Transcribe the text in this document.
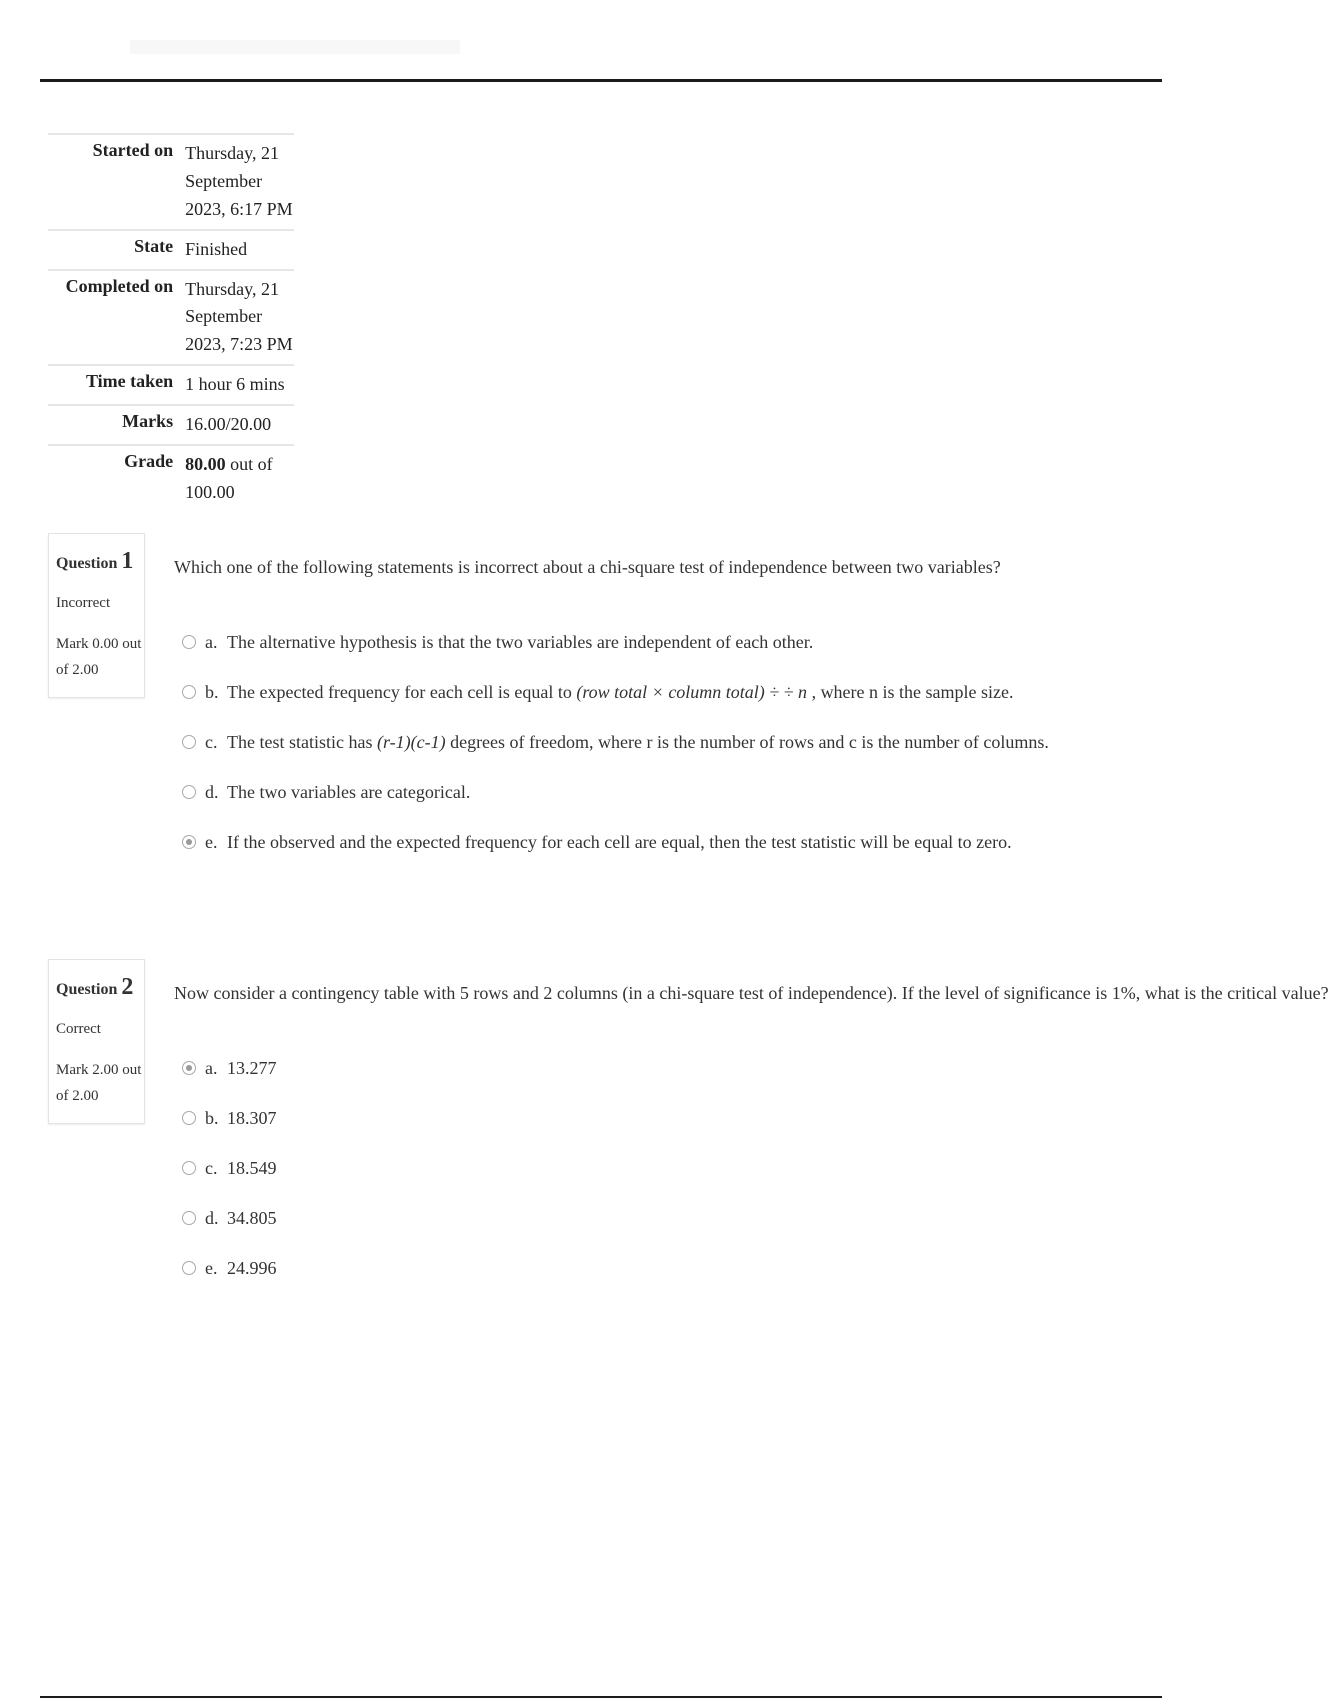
Started on	Thursday, 21 September 2023, 6:17 PM
State	Finished
Completed on	Thursday, 21 September 2023, 7:23 PM
Time taken	1 hour 6 mins
Marks	16.00/20.00
Grade	80.00 out of 100.00
Question 1
Incorrect
Mark 0.00 out of 2.00
Which one of the following statements is incorrect about a chi-square test of independence between two variables?
a. The alternative hypothesis is that the two variables are independent of each other.
b. The expected frequency for each cell is equal to (row total × column total) ÷ ÷ n , where n is the sample size.
c. The test statistic has (r-1)(c-1) degrees of freedom, where r is the number of rows and c is the number of columns.
d. The two variables are categorical.
e. If the observed and the expected frequency for each cell are equal, then the test statistic will be equal to zero.
Question 2
Correct
Mark 2.00 out of 2.00
Now consider a contingency table with 5 rows and 2 columns (in a chi-square test of independence). If the level of significance is 1%, what is the critical value?
a. 13.277
b. 18.307
c. 18.549
d. 34.805
e. 24.996
